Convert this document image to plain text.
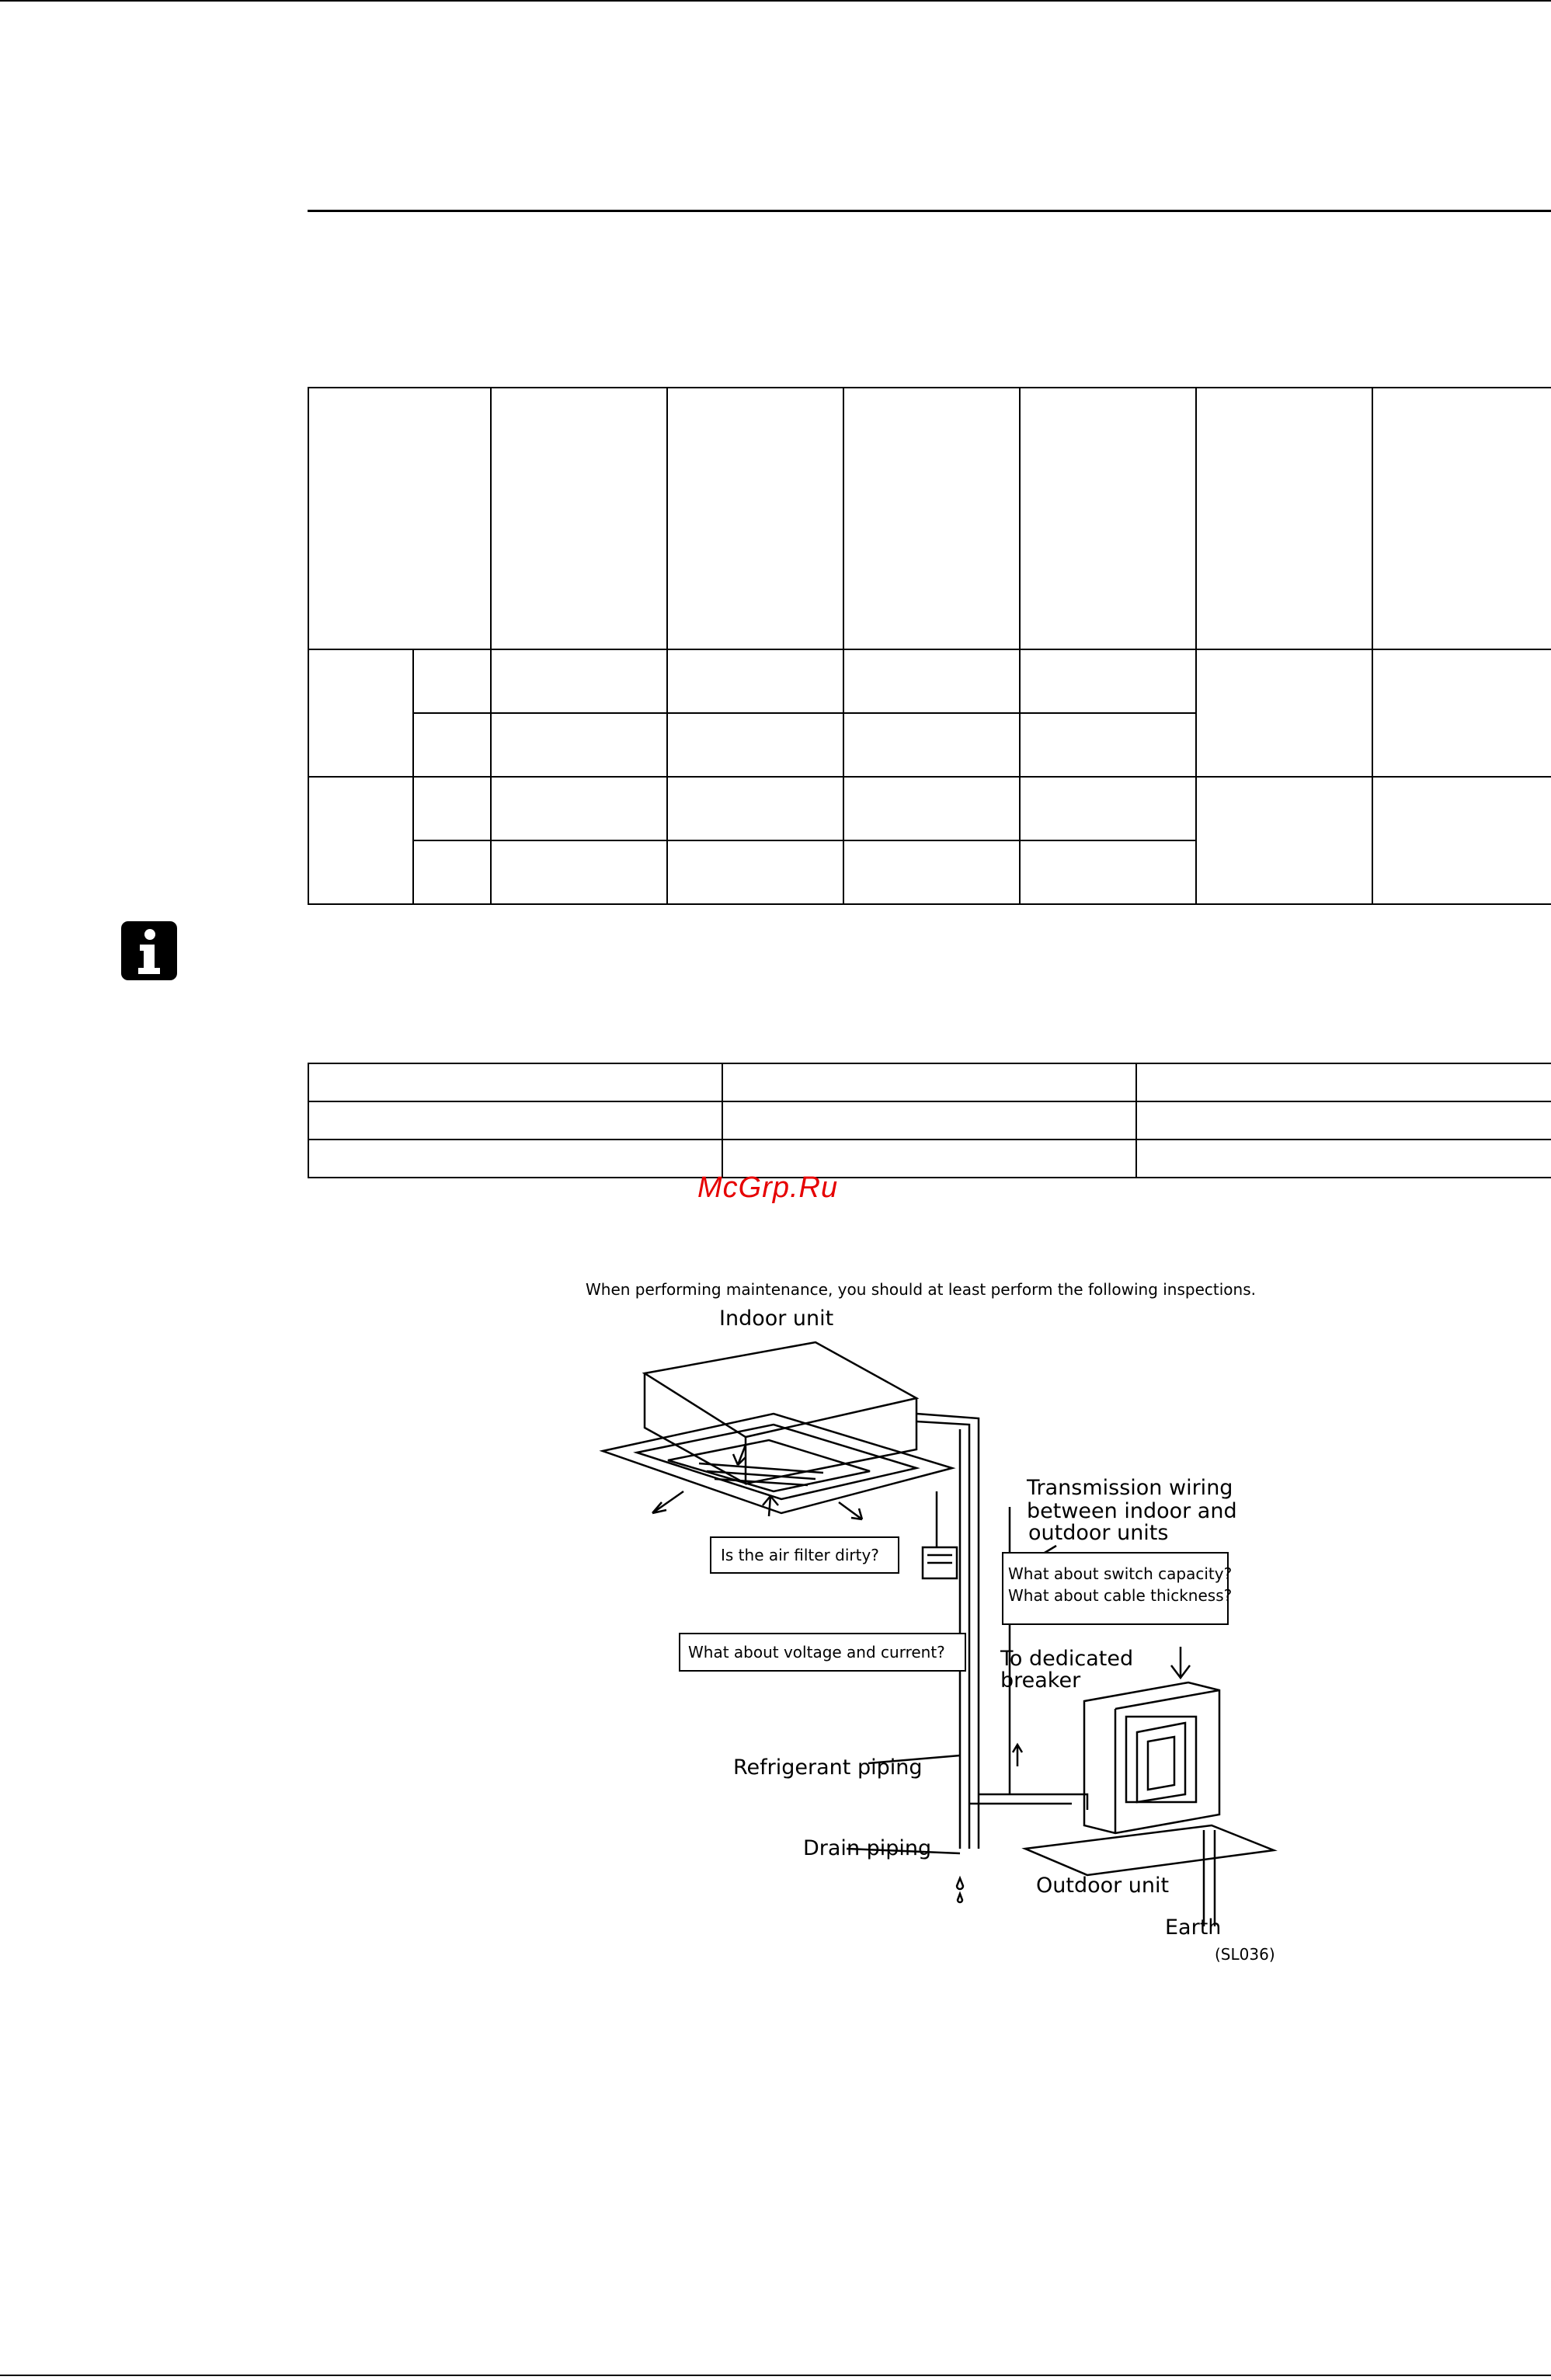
McGrp.Ru
When performing maintenance, you should at least perform the following inspections.
Indoor unit
Transmission wiring
between indoor and
outdoor units
What about switch capacity?
What about cable thickness?
Is the air filter dirty?
What about voltage and current?	To dedicated
breaker
Refrigerant piping
Drain piping
Outdoor unit
Earth
(SL036)
